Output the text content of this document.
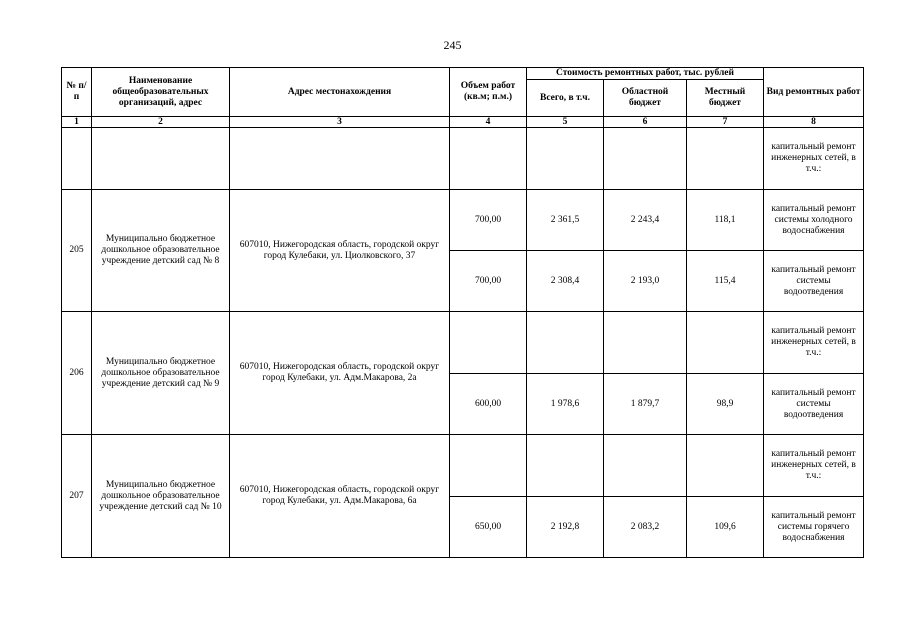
245
№ п/п	Наименование общеобразовательных организаций, адрес	Адрес местонахождения	Объем работ (кв.м; п.м.)	Стоимость ремонтных работ, тыс. рублей			Вид ремонтных работ
				Всего, в т.ч.	Областной бюджет	Местный бюджет	
1	2	3	4	5	6	7	8
							капитальный ремонт инженерных сетей, в т.ч.:
205	Муниципально бюджетное дошкольное образовательное учреждение детский сад № 8	607010, Нижегородская область, городской округ город Кулебаки, ул. Циолковского, 37	700,00	2 361,5	2 243,4	118,1	капитальный ремонт системы холодного водоснабжения
			700,00	2 308,4	2 193,0	115,4	капитальный ремонт системы водоотведения
206	Муниципально бюджетное дошкольное образовательное учреждение детский сад № 9	607010, Нижегородская область, городской округ город Кулебаки, ул. Адм.Макарова, 2а					капитальный ремонт инженерных сетей, в т.ч.:
			600,00	1 978,6	1 879,7	98,9	капитальный ремонт системы водоотведения
207	Муниципально бюджетное дошкольное образовательное учреждение детский сад № 10	607010, Нижегородская область, городской округ город Кулебаки, ул. Адм.Макарова, 6а					капитальный ремонт инженерных сетей, в т.ч.:
			650,00	2 192,8	2 083,2	109,6	капитальный ремонт системы горячего водоснабжения
